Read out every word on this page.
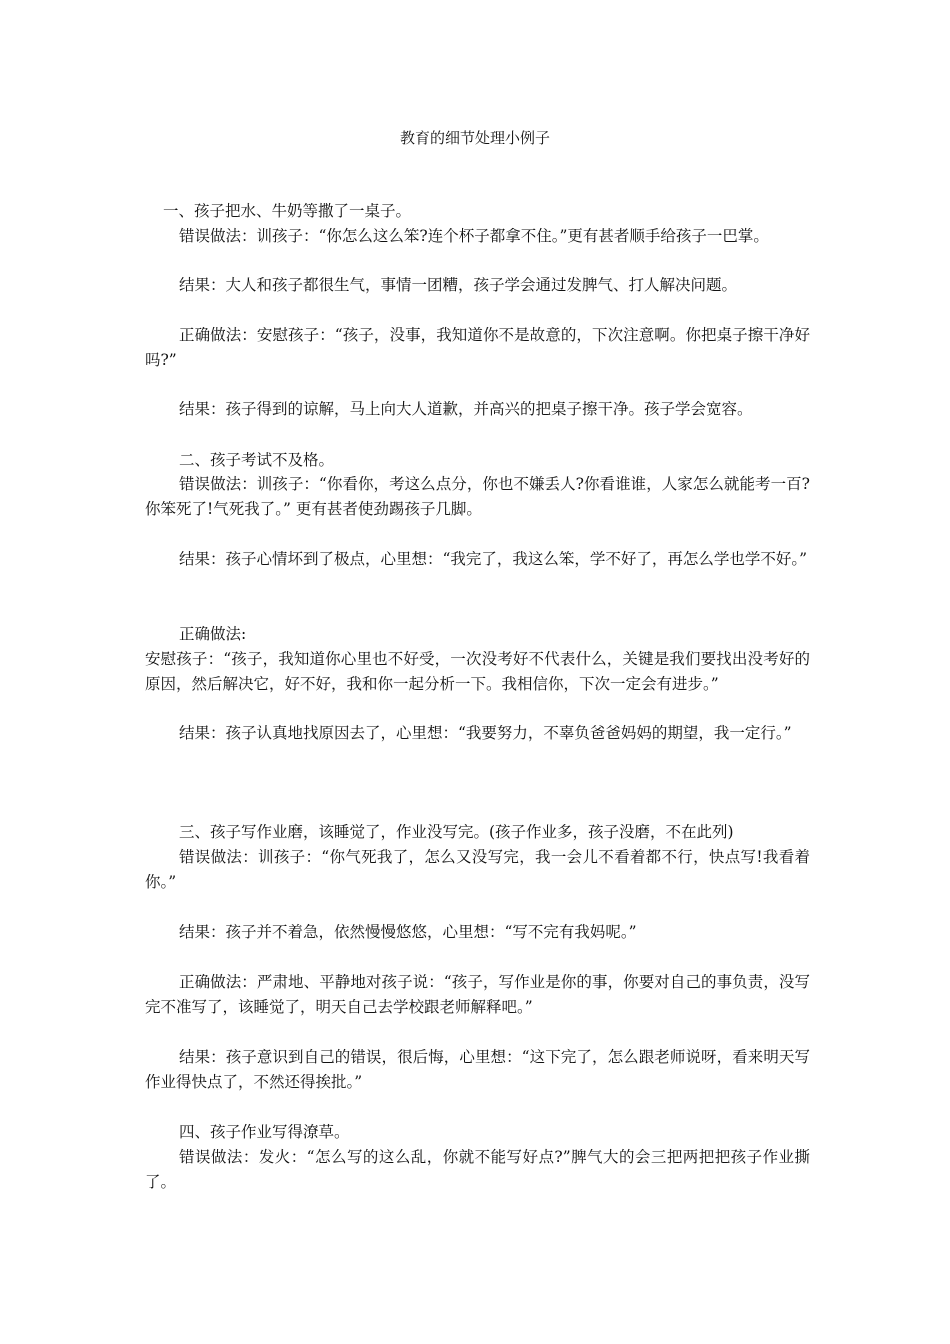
教育的细节处理小例子
一、孩子把水、牛奶等撒了一桌子。
错误做法：训孩子：“你怎么这么笨?连个杯子都拿不住。”更有甚者顺手给孩子一巴掌。
结果：大人和孩子都很生气，事情一团糟，孩子学会通过发脾气、打人解决问题。
正确做法：安慰孩子：“孩子，没事，我知道你不是故意的，下次注意啊。你把桌子擦干净好吗?”
结果：孩子得到的谅解，马上向大人道歉，并高兴的把桌子擦干净。孩子学会宽容。
二、孩子考试不及格。
错误做法：训孩子：“你看你，考这么点分，你也不嫌丢人?你看谁谁，人家怎么就能考一百?你笨死了!气死我了。” 更有甚者使劲踢孩子几脚。
结果：孩子心情坏到了极点，心里想：“我完了，我这么笨，学不好了，再怎么学也学不好。”
正确做法:
安慰孩子：“孩子，我知道你心里也不好受，一次没考好不代表什么，关键是我们要找出没考好的原因，然后解决它，好不好，我和你一起分析一下。我相信你，下次一定会有进步。”
结果：孩子认真地找原因去了，心里想：“我要努力，不辜负爸爸妈妈的期望，我一定行。”
三、孩子写作业磨，该睡觉了，作业没写完。(孩子作业多，孩子没磨，不在此列)
错误做法：训孩子：“你气死我了，怎么又没写完，我一会儿不看着都不行，快点写!我看着你。”
结果：孩子并不着急，依然慢慢悠悠，心里想：“写不完有我妈呢。”
正确做法：严肃地、平静地对孩子说：“孩子，写作业是你的事，你要对自己的事负责，没写完不准写了，该睡觉了，明天自己去学校跟老师解释吧。”
结果：孩子意识到自己的错误，很后悔，心里想：“这下完了，怎么跟老师说呀，看来明天写作业得快点了，不然还得挨批。”
四、孩子作业写得潦草。
错误做法：发火：“怎么写的这么乱，你就不能写好点?”脾气大的会三把两把把孩子作业撕了。
